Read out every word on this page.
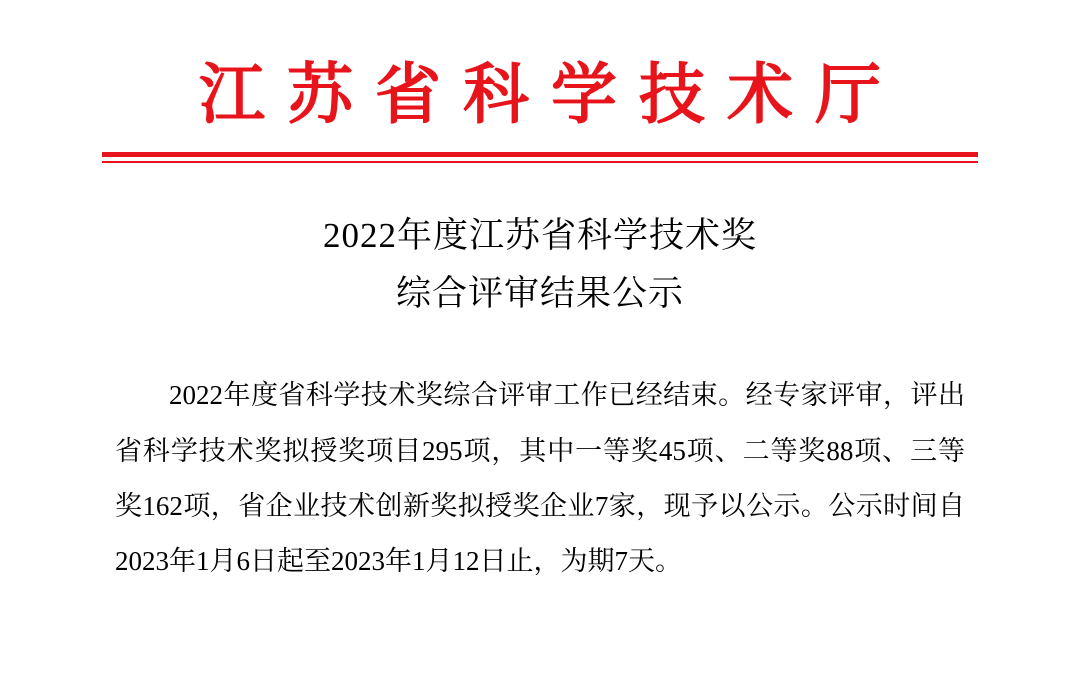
江苏省科学技术厅
2022年度江苏省科学技术奖
综合评审结果公示

2022年度省科学技术奖综合评审工作已经结束。经专家评审，评出省科学技术奖拟授奖项目295项，其中一等奖45项、二等奖88项、三等奖162项，省企业技术创新奖拟授奖企业7家，现予以公示。公示时间自2023年1月6日起至2023年1月12日止，为期7天。
